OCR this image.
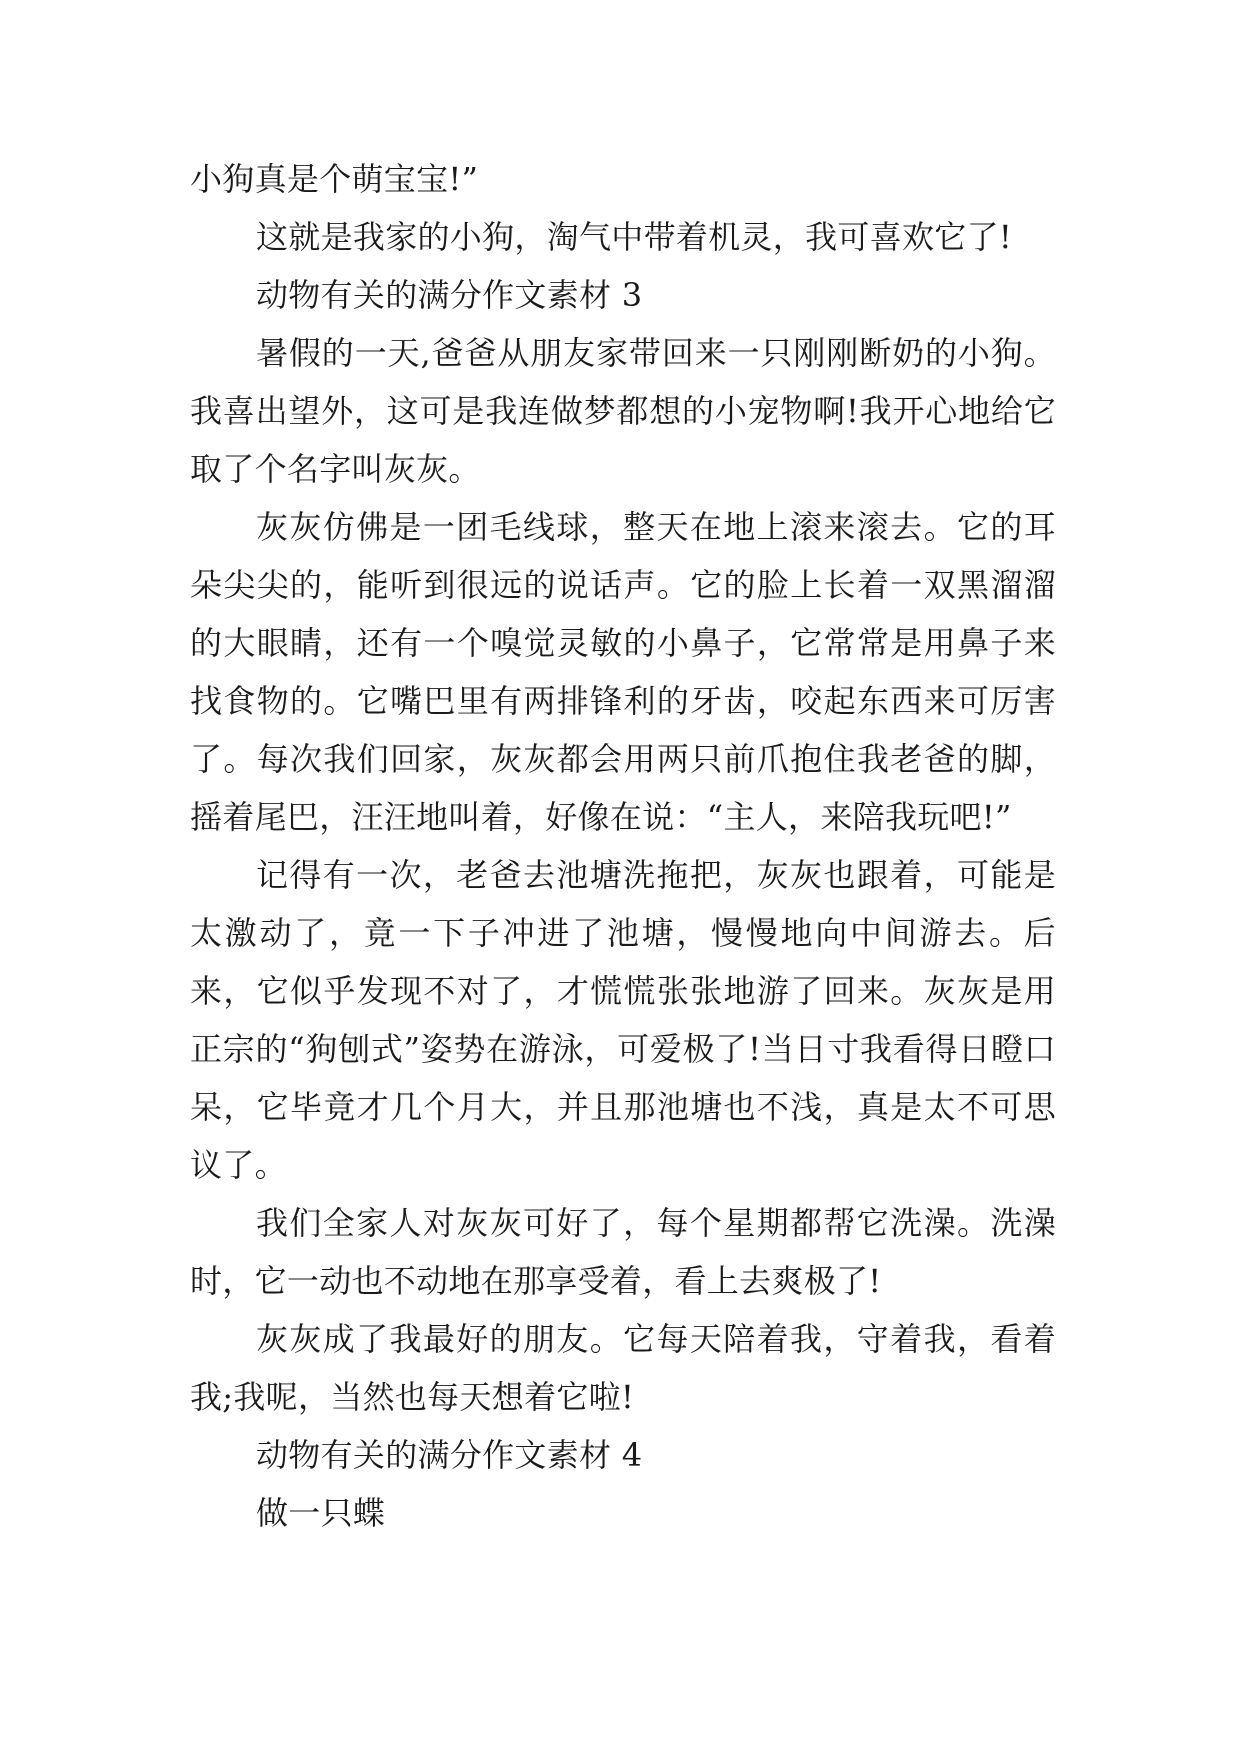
小狗真是个萌宝宝!”

这就是我家的小狗，淘气中带着机灵，我可喜欢它了!

动物有关的满分作文素材 3

暑假的一天,爸爸从朋友家带回来一只刚刚断奶的小狗。我喜出望外，这可是我连做梦都想的小宠物啊!我开心地给它取了个名字叫灰灰。

灰灰仿佛是一团毛线球，整天在地上滚来滚去。它的耳朵尖尖的，能听到很远的说话声。它的脸上长着一双黑溜溜的大眼睛，还有一个嗅觉灵敏的小鼻子，它常常是用鼻子来找食物的。它嘴巴里有两排锋利的牙齿，咬起东西来可厉害了。每次我们回家，灰灰都会用两只前爪抱住我老爸的脚，摇着尾巴，汪汪地叫着，好像在说：“主人，来陪我玩吧!”

记得有一次，老爸去池塘洗拖把，灰灰也跟着，可能是太激动了，竟一下子冲进了池塘，慢慢地向中间游去。后来，它似乎发现不对了，才慌慌张张地游了回来。灰灰是用正宗的“狗刨式”姿势在游泳，可爱极了!当日寸我看得日瞪口呆，它毕竟才几个月大，并且那池塘也不浅，真是太不可思议了。

我们全家人对灰灰可好了，每个星期都帮它洗澡。洗澡时，它一动也不动地在那享受着，看上去爽极了!

灰灰成了我最好的朋友。它每天陪着我，守着我，看着我;我呢，当然也每天想着它啦!

动物有关的满分作文素材 4

做一只蝶
